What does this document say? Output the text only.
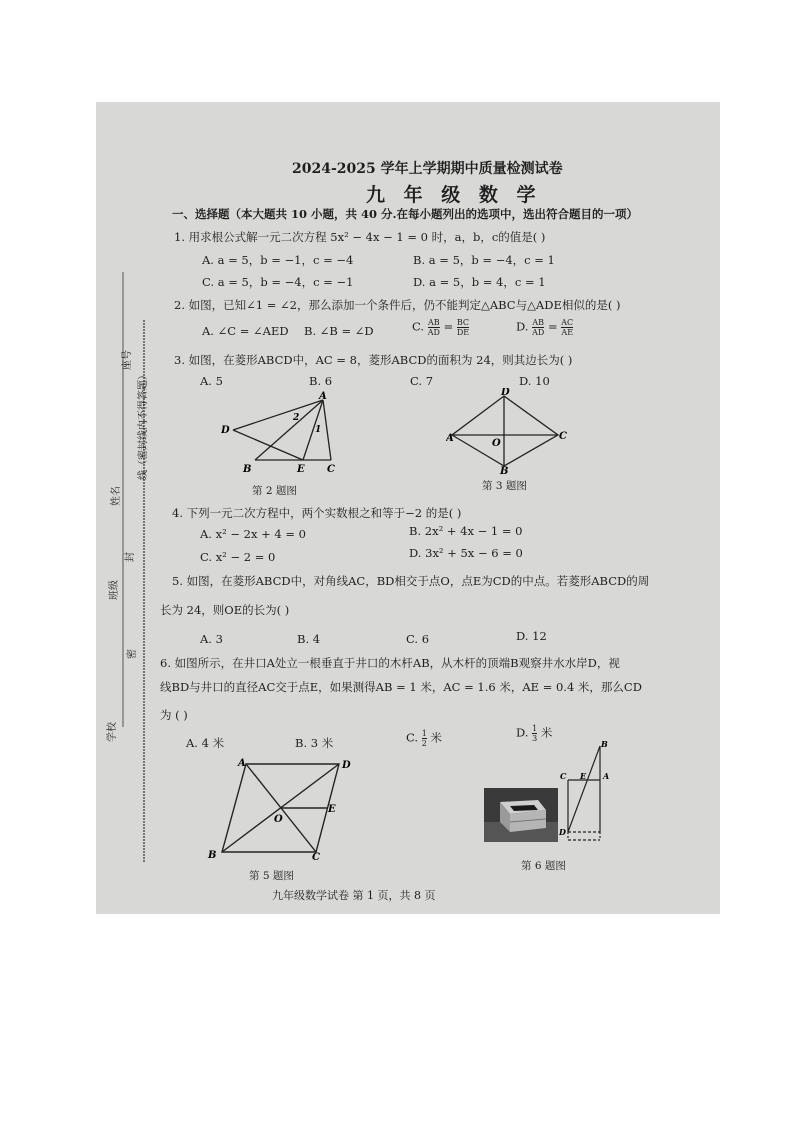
座号
线（密封线内不得答题）
姓名
封
班级
密
学校
2024-2025 学年上学期期中质量检测试卷
九 年 级 数 学
一、选择题（本大题共 10 小题，共 40 分.在每小题列出的选项中，选出符合题目的一项）
1. 用求根公式解一元二次方程 5x² − 4x − 1 = 0 时，a，b，c的值是( )
A. a = 5，b = −1，c = −4	B. a = 5，b = −4，c = 1
C. a = 5，b = −4，c = −1	D. a = 5，b = 4，c = 1
2. 如图，已知∠1 = ∠2，那么添加一个条件后，仍不能判定△ABC与△ADE相似的是( )
A. ∠C = ∠AED B. ∠B = ∠D	C. $\frac{AB}{AD} = \frac{BC}{DE}$	D. $\frac{AB}{AD} = \frac{AC}{AE}$
3. 如图，在菱形ABCD中，AC = 8，菱形ABCD的面积为 24，则其边长为( )
A. 5	B. 6	C. 7	D. 10
A
B	C
D
E
1
2
第 2 题图
D
A	C
B
O
第 3 题图
4. 下列一元二次方程中，两个实数根之和等于−2 的是( )
A. x² − 2x + 4 = 0	B. 2x² + 4x − 1 = 0
C. x² − 2 = 0	D. 3x² + 5x − 6 = 0
5. 如图，在菱形ABCD中，对角线AC，BD相交于点O，点E为CD的中点。若菱形ABCD的周
长为 24，则OE的长为( )
A. 3	B. 4	C. 6	D. 12
6. 如图所示，在井口A处立一根垂直于井口的木杆AB，从木杆的顶端B观察井水水岸D，视
线BD与井口的直径AC交于点E，如果测得AB = 1 米，AC = 1.6 米，AE = 0.4 米，那么CD
为 ( )
A. 4 米	B. 3 米	C. $\frac{1}{2}$ 米	D. $\frac{1}{3}$ 米
A	D
B	C
E
O
第 5 题图
B
A
C E
D
第 6 题图
九年级数学试卷 第 1 页，共 8 页
